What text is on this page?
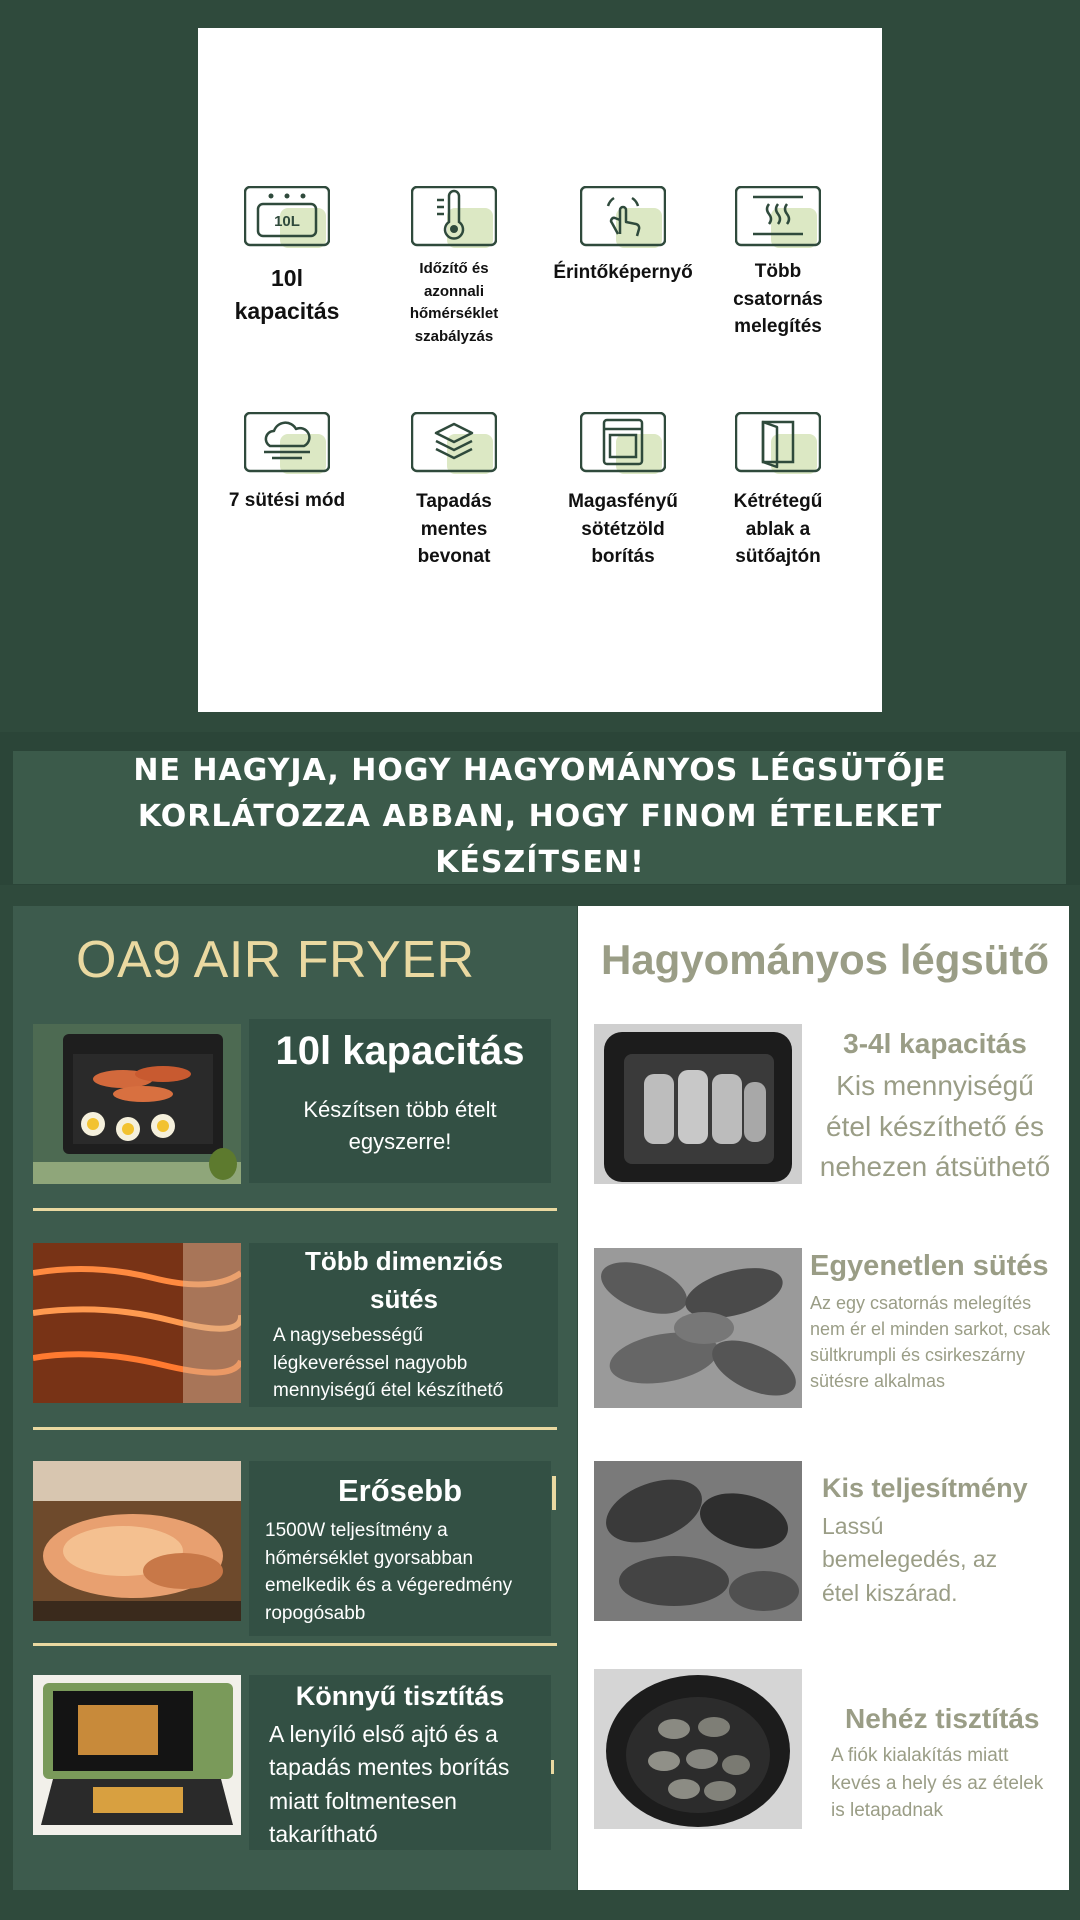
10L
10l kapacitás
Időzítő és azonnali hőmérséklet szabályzás
Érintőképernyő	Több csatornás melegítés
7 sütési mód	Tapadás mentes bevonat
Magasfényű sötétzöld borítás
Kétrétegű ablak a sütőajtón
NE HAGYJA, HOGY HAGYOMÁNYOS LÉGSÜTŐJE KORLÁTOZZA ABBAN, HOGY FINOM ÉTELEKET KÉSZÍTSEN!
OA9 AIR FRYER	Hagyományos légsütő
10l kapacitás
Készítsen több ételt egyszerre!
Több dimenziós sütés
A nagysebességű légkeveréssel nagyobb mennyiségű étel készíthető
Erősebb
1500W teljesítmény a hőmérséklet gyorsabban emelkedik és a végeredmény ropogósabb
Könnyű tisztítás
A lenyíló első ajtó és a tapadás mentes borítás miatt foltmentesen takarítható
3-4l kapacitás
Kis mennyiségű étel készíthető és nehezen átsüthető
Egyenetlen sütés
Az egy csatornás melegítés nem ér el minden sarkot, csak sültkrumpli és csirkeszárny sütésre alkalmas
Kis teljesítmény
Lassú bemelegedés, az étel kiszárad.
Nehéz tisztítás
A fiók kialakítás miatt kevés a hely és az ételek is letapadnak
